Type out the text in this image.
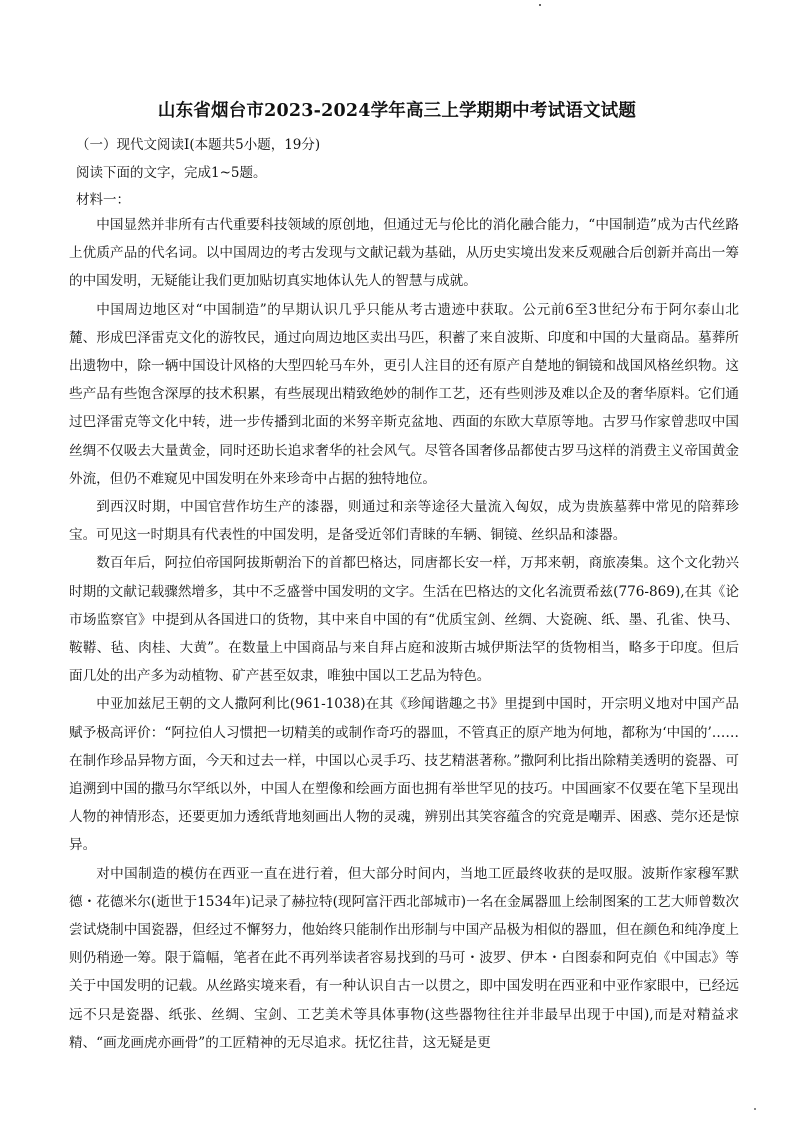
山东省烟台市2023-2024学年高三上学期期中考试语文试题
（一）现代文阅读Ⅰ(本题共5小题，19分)
阅读下面的文字，完成1~5题。
材料一：

中国显然并非所有古代重要科技领域的原创地，但通过无与伦比的消化融合能力，“中国制造”成为古代丝路上优质产品的代名词。以中国周边的考古发现与文献记载为基础，从历史实境出发来反观融合后创新并高出一筹的中国发明，无疑能让我们更加贴切真实地体认先人的智慧与成就。

中国周边地区对“中国制造”的早期认识几乎只能从考古遗迹中获取。公元前6至3世纪分布于阿尔泰山北麓、形成巴泽雷克文化的游牧民，通过向周边地区卖出马匹，积蓄了来自波斯、印度和中国的大量商品。墓葬所出遗物中，除一辆中国设计风格的大型四轮马车外，更引人注目的还有原产自楚地的铜镜和战国风格丝织物。这些产品有些饱含深厚的技术积累，有些展现出精致绝妙的制作工艺，还有些则涉及难以企及的奢华原料。它们通过巴泽雷克等文化中转，进一步传播到北面的米努辛斯克盆地、西面的东欧大草原等地。古罗马作家曾悲叹中国丝绸不仅吸去大量黄金，同时还助长追求奢华的社会风气。尽管各国奢侈品都使古罗马这样的消费主义帝国黄金外流，但仍不难窥见中国发明在外来珍奇中占据的独特地位。

到西汉时期，中国官营作坊生产的漆器，则通过和亲等途径大量流入匈奴，成为贵族墓葬中常见的陪葬珍宝。可见这一时期具有代表性的中国发明，是备受近邻们青睐的车辆、铜镜、丝织品和漆器。

数百年后，阿拉伯帝国阿拔斯朝治下的首都巴格达，同唐都长安一样，万邦来朝，商旅凑集。这个文化勃兴时期的文献记载骤然增多，其中不乏盛誉中国发明的文字。生活在巴格达的文化名流贾希兹(776-869),在其《论市场监察官》中提到从各国进口的货物，其中来自中国的有“优质宝剑、丝绸、大瓷碗、纸、墨、孔雀、快马、鞍鞯、毡、肉桂、大黄”。在数量上中国商品与来自拜占庭和波斯古城伊斯法罕的货物相当，略多于印度。但后面几处的出产多为动植物、矿产甚至奴隶，唯独中国以工艺品为特色。

中亚加兹尼王朝的文人撒阿利比(961-1038)在其《珍闻谐趣之书》里提到中国时，开宗明义地对中国产品赋予极高评价：“阿拉伯人习惯把一切精美的或制作奇巧的器皿，不管真正的原产地为何地，都称为‘中国的’……在制作珍品异物方面，今天和过去一样，中国以心灵手巧、技艺精湛著称。”撒阿利比指出除精美透明的瓷器、可追溯到中国的撒马尔罕纸以外，中国人在塑像和绘画方面也拥有举世罕见的技巧。中国画家不仅要在笔下呈现出人物的神情形态，还要更加力透纸背地刻画出人物的灵魂，辨别出其笑容蕴含的究竟是嘲弄、困惑、莞尔还是惊异。

对中国制造的模仿在西亚一直在进行着，但大部分时间内，当地工匠最终收获的是叹服。波斯作家穆军默德・花德米尔(逝世于1534年)记录了赫拉特(现阿富汗西北部城市)一名在金属器皿上绘制图案的工艺大师曾数次尝试烧制中国瓷器，但经过不懈努力，他始终只能制作出形制与中国产品极为相似的器皿，但在颜色和纯净度上则仍稍逊一筹。限于篇幅，笔者在此不再列举读者容易找到的马可・波罗、伊本・白图泰和阿克伯《中国志》等关于中国发明的记载。从丝路实境来看，有一种认识自古一以贯之，即中国发明在西亚和中亚作家眼中，已经远远不只是瓷器、纸张、丝绸、宝剑、工艺美术等具体事物(这些器物往往并非最早出现于中国),而是对精益求精、“画龙画虎亦画骨”的工匠精神的无尽追求。抚忆往昔，这无疑是更
